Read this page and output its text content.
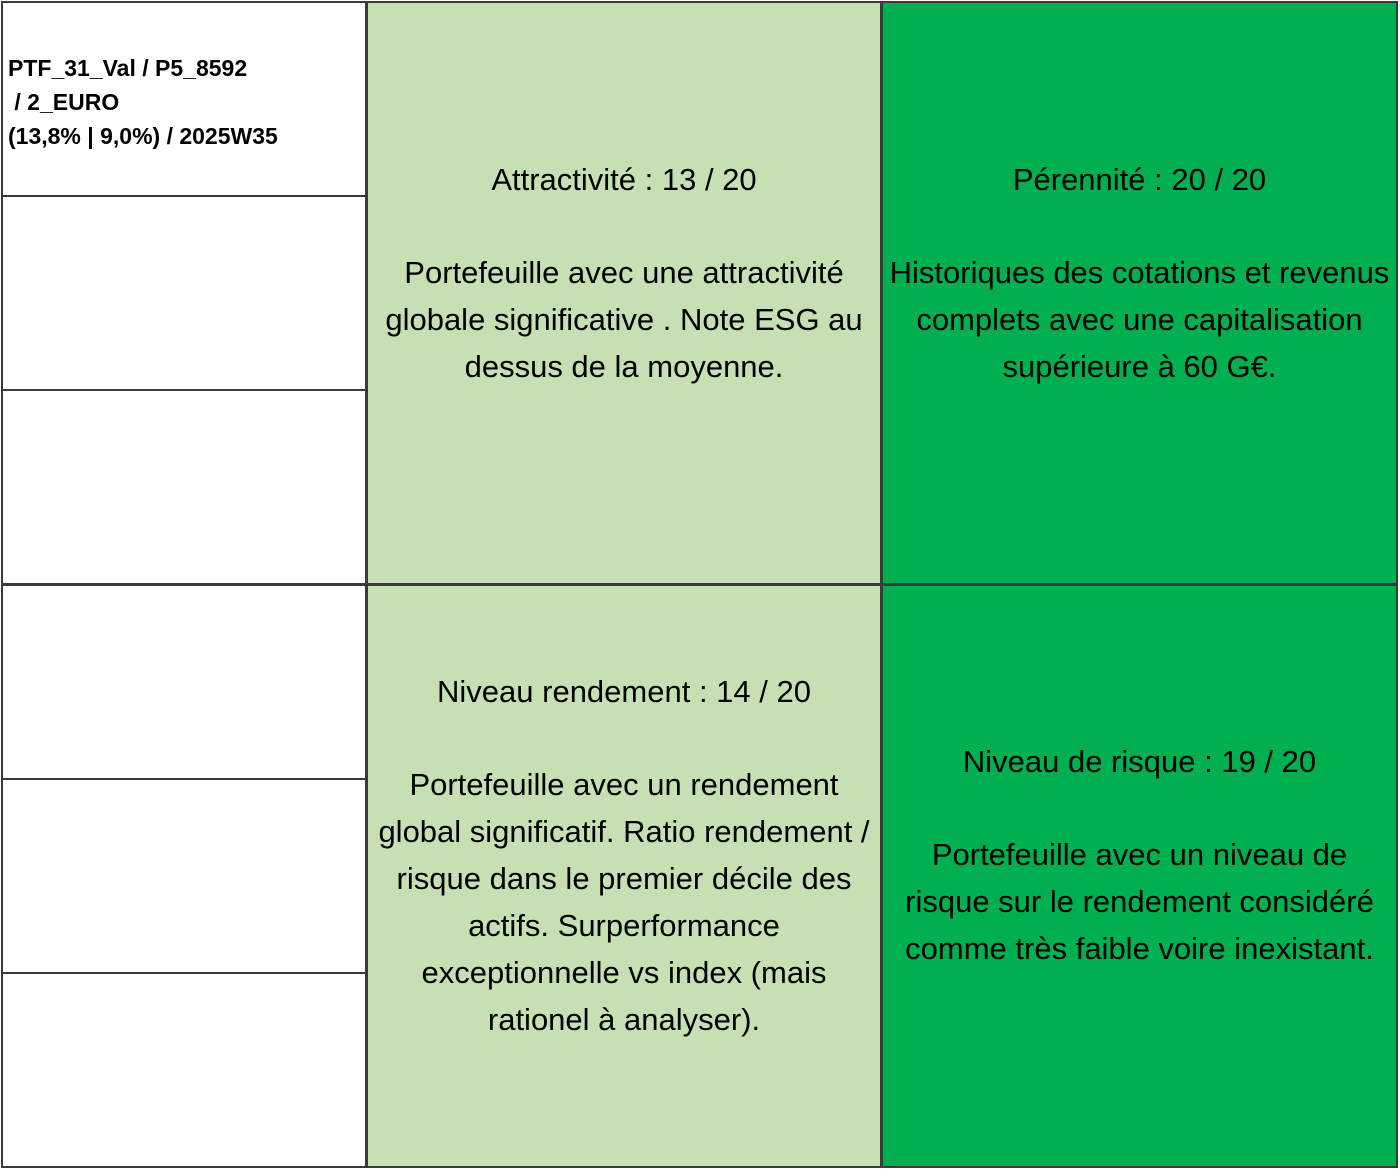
PTF_31_Val / P5_8592
/ 2_EURO
(13,8% | 9,0%) / 2025W35
Attractivité : 13 / 20
Portefeuille avec une attractivité globale significative . Note ESG au dessus de la moyenne.
Pérennité : 20 / 20
Historiques des cotations et revenus complets avec une capitalisation supérieure à 60 G€.
Niveau rendement : 14 / 20
Portefeuille avec un rendement global significatif. Ratio rendement / risque dans le premier décile des actifs. Surperformance exceptionnelle vs index (mais rationel à analyser).
Niveau de risque : 19 / 20
Portefeuille avec un niveau de risque sur le rendement considéré comme très faible voire inexistant.
